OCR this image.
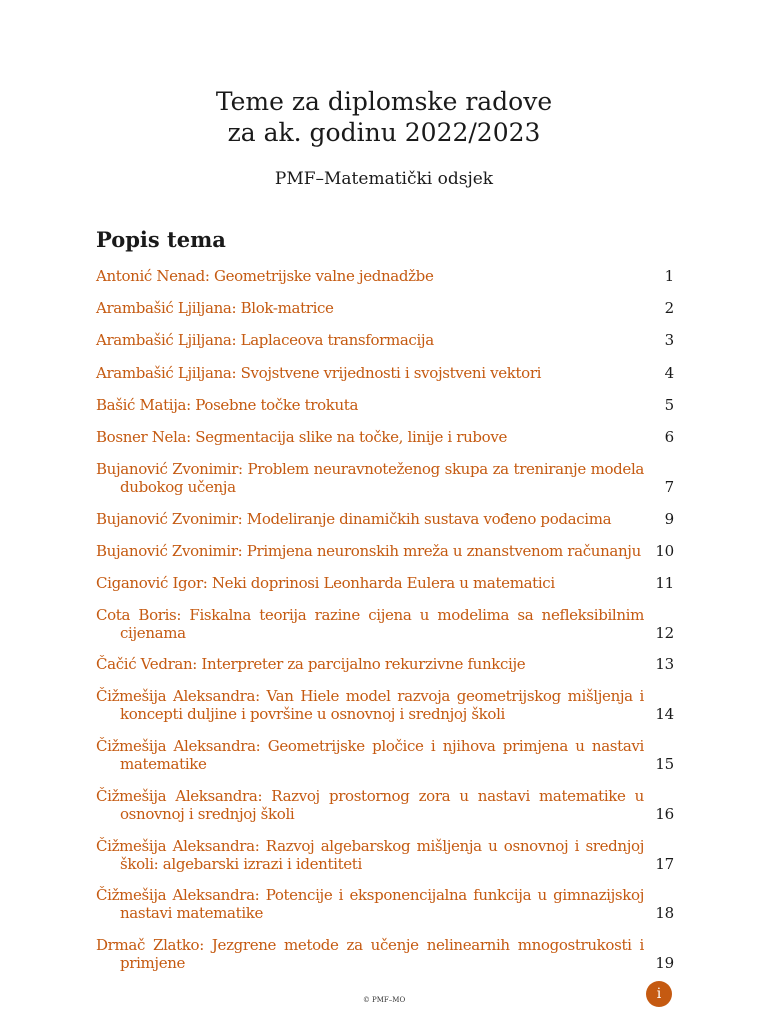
Teme za diplomske radove
za ak. godinu 2022/2023
PMF–Matematički odsjek
Popis tema
Antonić Nenad: Geometrijske valne jednadžbe	1
Arambašić Ljiljana: Blok-matrice	2
Arambašić Ljiljana: Laplaceova transformacija	3
Arambašić Ljiljana: Svojstvene vrijednosti i svojstveni vektori	4
Bašić Matija: Posebne točke trokuta	5
Bosner Nela: Segmentacija slike na točke, linije i rubove	6
Bujanović Zvonimir: Problem neuravnoteženog skupa za treniranje modela dubokog učenja	7
Bujanović Zvonimir: Modeliranje dinamičkih sustava vođeno podacima	9
Bujanović Zvonimir: Primjena neuronskih mreža u znanstvenom računanju 10
Ciganović Igor: Neki doprinosi Leonharda Eulera u matematici	11
Cota Boris: Fiskalna teorija razine cijena u modelima sa nefleksibilnim cijenama	12
Čačić Vedran: Interpreter za parcijalno rekurzivne funkcije	13
Čižmešija Aleksandra: Van Hiele model razvoja geometrijskog mišljenja i koncepti duljine i površine u osnovnoj i srednjoj školi	14
Čižmešija Aleksandra: Geometrijske pločice i njihova primjena u nastavi matematike	15
Čižmešija Aleksandra: Razvoj prostornog zora u nastavi matematike u osnovnoj i srednjoj školi	16
Čižmešija Aleksandra: Razvoj algebarskog mišljenja u osnovnoj i srednjoj školi: algebarski izrazi i identiteti	17
Čižmešija Aleksandra: Potencije i eksponencijalna funkcija u gimnazijskoj nastavi matematike	18
Drmač Zlatko: Jezgrene metode za učenje nelinearnih mnogostrukosti i primjene	19
© PMF–MO	i
